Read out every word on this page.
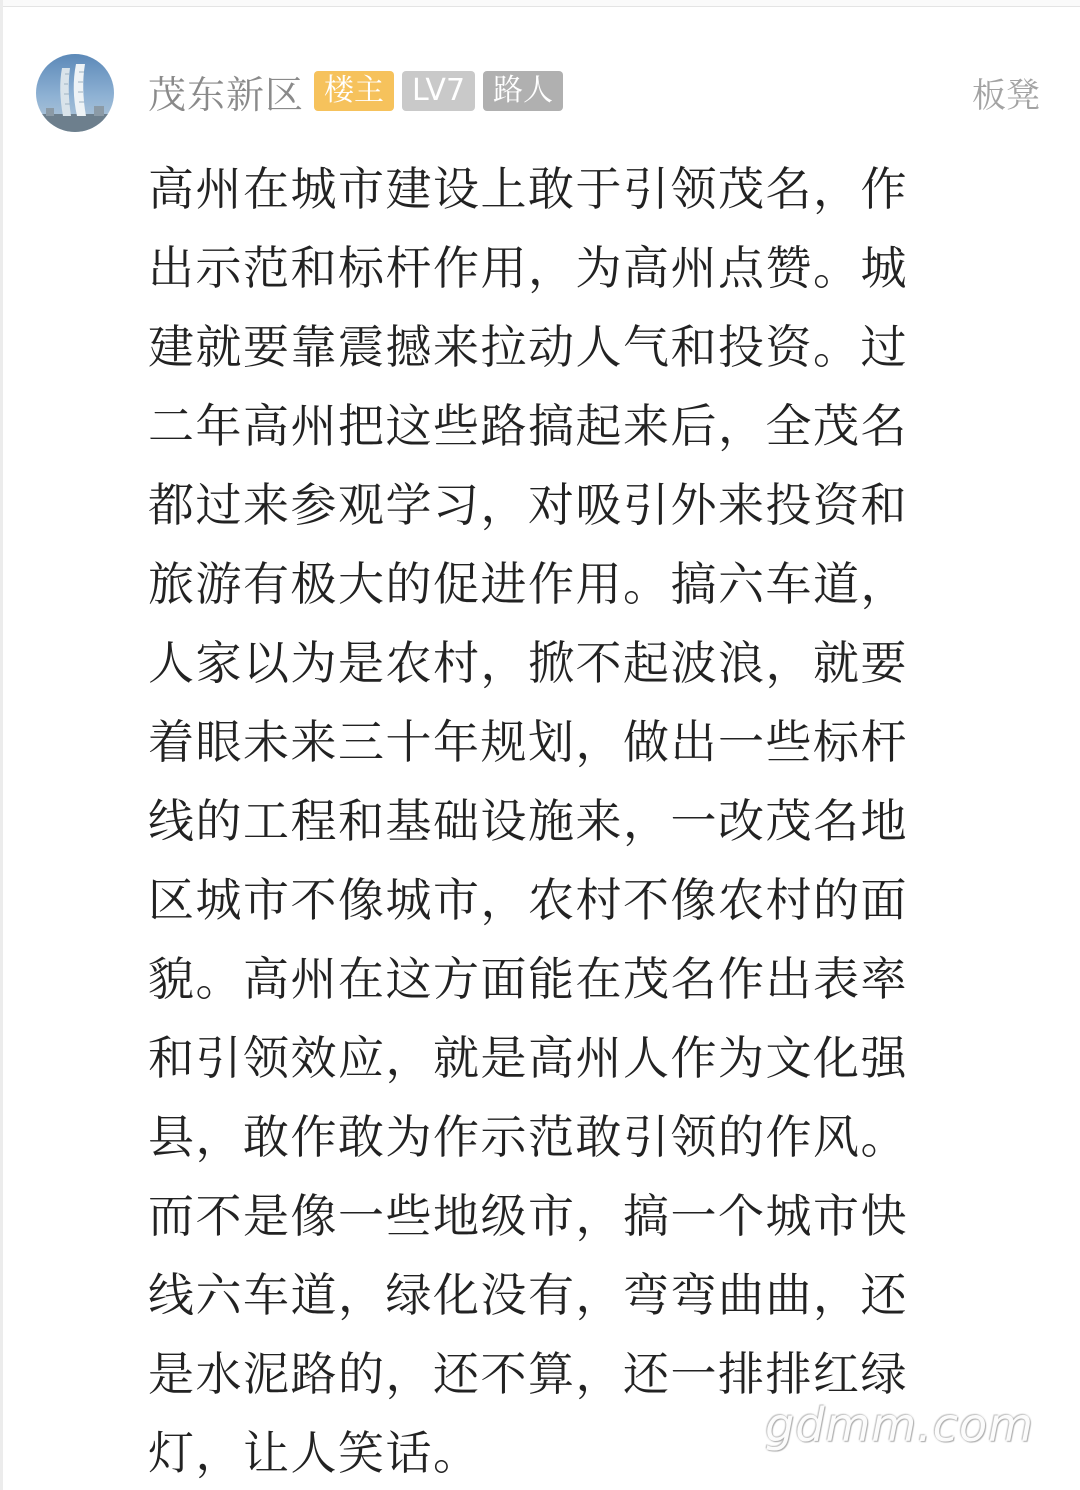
茂东新区 楼主 LV7 路人	板凳
高州在城市建设上敢于引领茂名，作
出示范和标杆作用，为高州点赞。城
建就要靠震撼来拉动人气和投资。过
二年高州把这些路搞起来后，全茂名
都过来参观学习，对吸引外来投资和
旅游有极大的促进作用。搞六车道，
人家以为是农村，掀不起波浪，就要
着眼未来三十年规划，做出一些标杆
线的工程和基础设施来，一改茂名地
区城市不像城市，农村不像农村的面
貌。高州在这方面能在茂名作出表率
和引领效应，就是高州人作为文化强
县，敢作敢为作示范敢引领的作风。
而不是像一些地级市，搞一个城市快
线六车道，绿化没有，弯弯曲曲，还
是水泥路的，还不算，还一排排红绿
灯，让人笑话。
gdmm.com
